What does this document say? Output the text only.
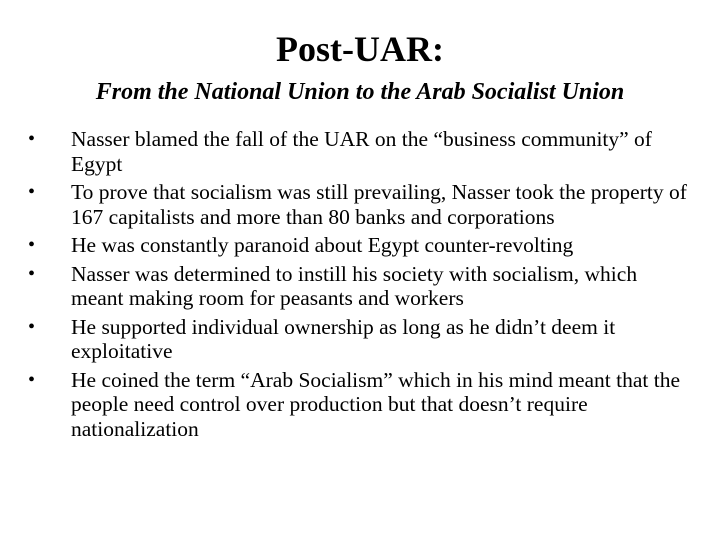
Post-UAR:
From the National Union to the Arab Socialist Union
•	Nasser blamed the fall of the UAR on the “business community” of Egypt
•	To prove that socialism was still prevailing, Nasser took the property of 167 capitalists and more than 80 banks and corporations
•	He was constantly paranoid about Egypt counter-revolting
•	Nasser was determined to instill his society with socialism, which meant making room for peasants and workers
•	He supported individual ownership as long as he didn’t deem it exploitative
•	He coined the term “Arab Socialism” which in his mind meant that the people need control over production but that doesn’t require nationalization
